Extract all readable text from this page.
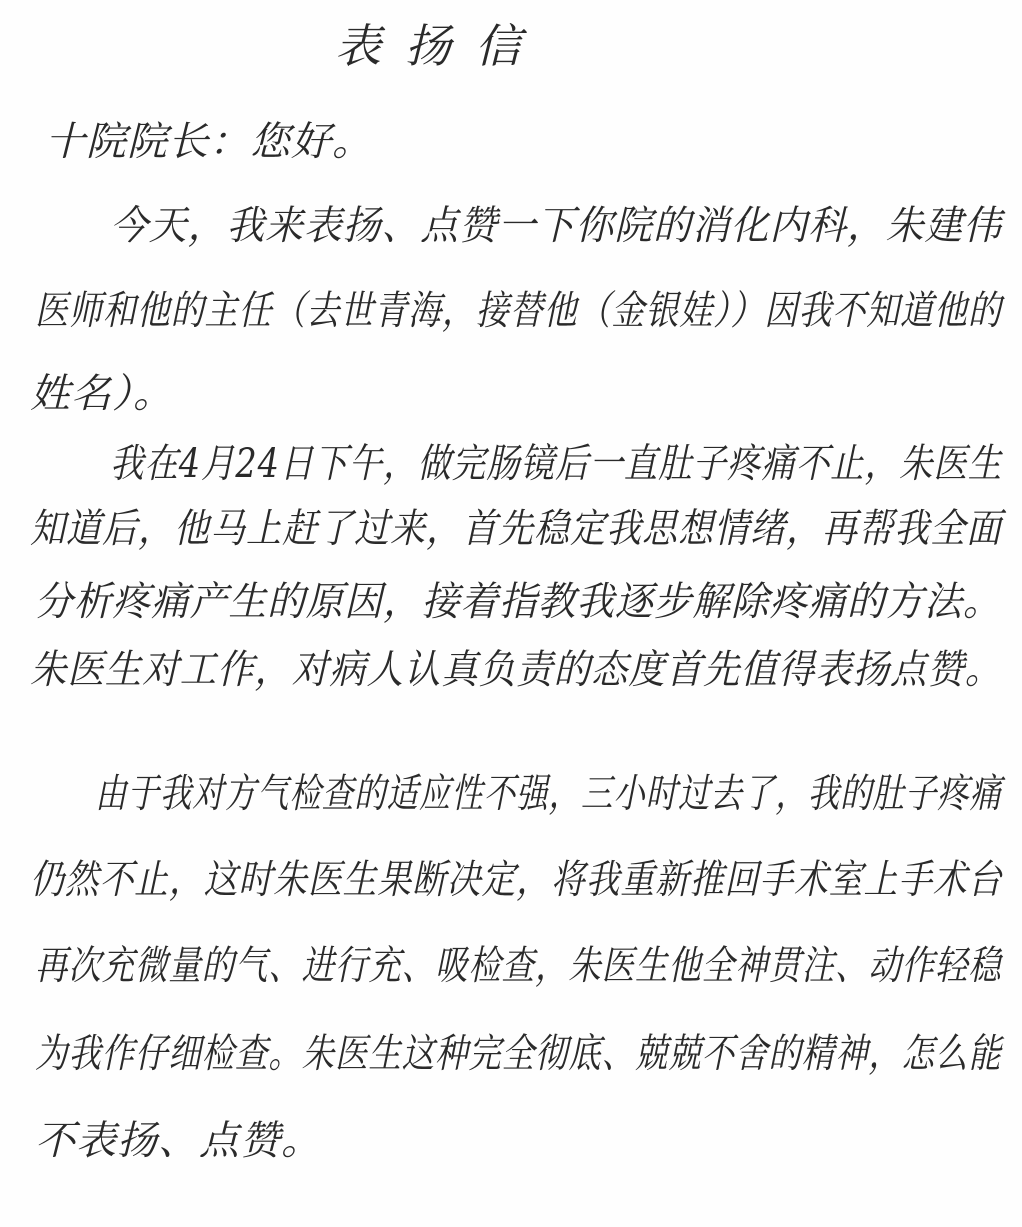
表扬信
十院院长：您好。
今天，我来表扬、点赞一下你院的消化内科，朱建伟
医师和他的主任（去世青海，接替他（金银娃））因我不知道他的
姓名）。
我在4月24日下午，做完肠镜后一直肚子疼痛不止，朱医生
知道后，他马上赶了过来，首先稳定我思想情绪，再帮我全面
分析疼痛产生的原因，接着指教我逐步解除疼痛的方法。
朱医生对工作，对病人认真负责的态度首先值得表扬点赞。
由于我对方气检查的适应性不强，三小时过去了，我的肚子疼痛
仍然不止，这时朱医生果断决定，将我重新推回手术室上手术台
再次充微量的气、进行充、吸检查，朱医生他全神贯注、动作轻稳
为我作仔细检查。朱医生这种完全彻底、兢兢不舍的精神，怎么能
不表扬、点赞。
